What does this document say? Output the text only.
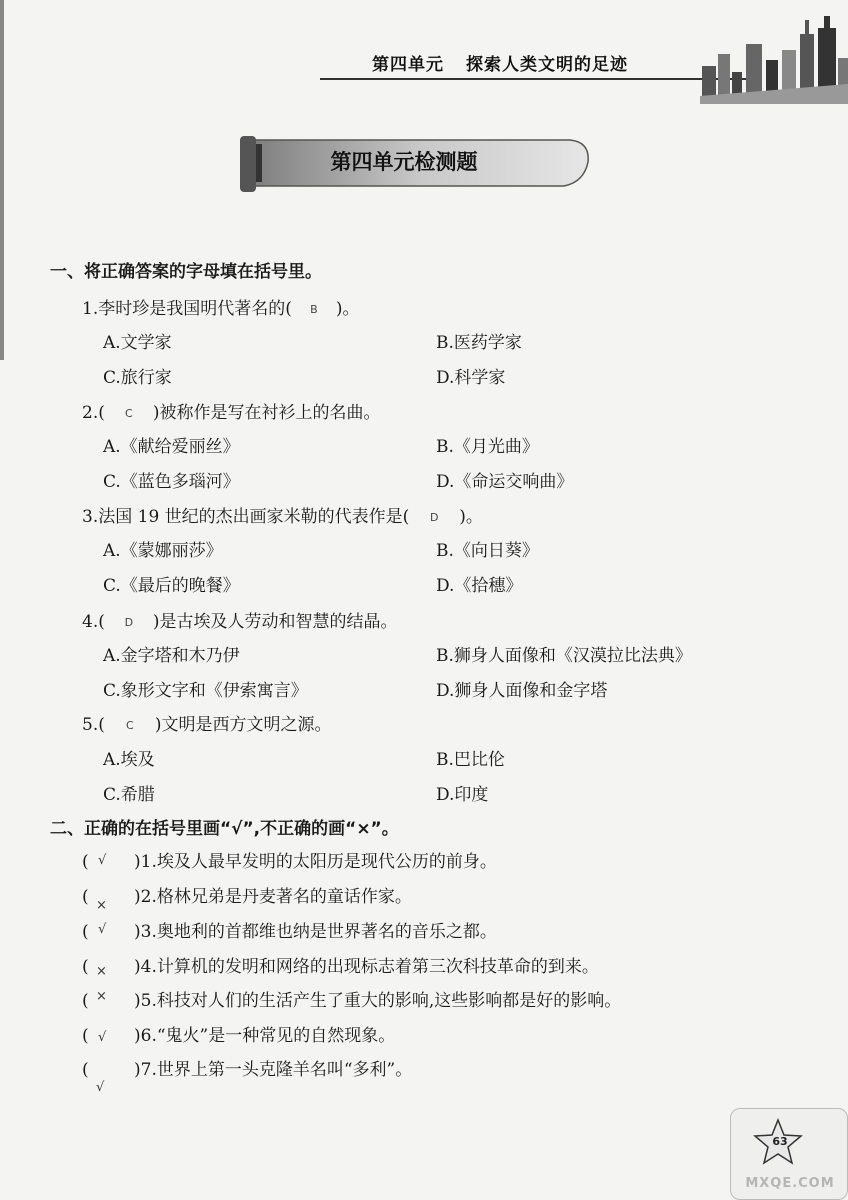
第四单元 探索人类文明的足迹
第四单元检测题
一、将正确答案的字母填在括号里。
1.李时珍是我国明代著名的( B )。
A.文学家	B.医药学家
C.旅行家	D.科学家
2.( C )被称作是写在衬衫上的名曲。
A.《献给爱丽丝》	B.《月光曲》
C.《蓝色多瑙河》	D.《命运交响曲》
3.法国 19 世纪的杰出画家米勒的代表作是( D )。
A.《蒙娜丽莎》	B.《向日葵》
C.《最后的晚餐》	D.《拾穗》
4.( D )是古埃及人劳动和智慧的结晶。
A.金字塔和木乃伊	B.狮身人面像和《汉漠拉比法典》
C.象形文字和《伊索寓言》	D.狮身人面像和金字塔
5.( C )文明是西方文明之源。
A.埃及	B.巴比伦
C.希腊	D.印度
二、正确的在括号里画“√”,不正确的画“×”。
( √ )1.埃及人最早发明的太阳历是现代公历的前身。
( × )2.格林兄弟是丹麦著名的童话作家。
( √ )3.奥地利的首都维也纳是世界著名的音乐之都。
( × )4.计算机的发明和网络的出现标志着第三次科技革命的到来。
( × )5.科技对人们的生活产生了重大的影响,这些影响都是好的影响。
( √ )6.“鬼火”是一种常见的自然现象。
(
√
)7.世界上第一头克隆羊名叫“多利”。
63
MXQE.COM
